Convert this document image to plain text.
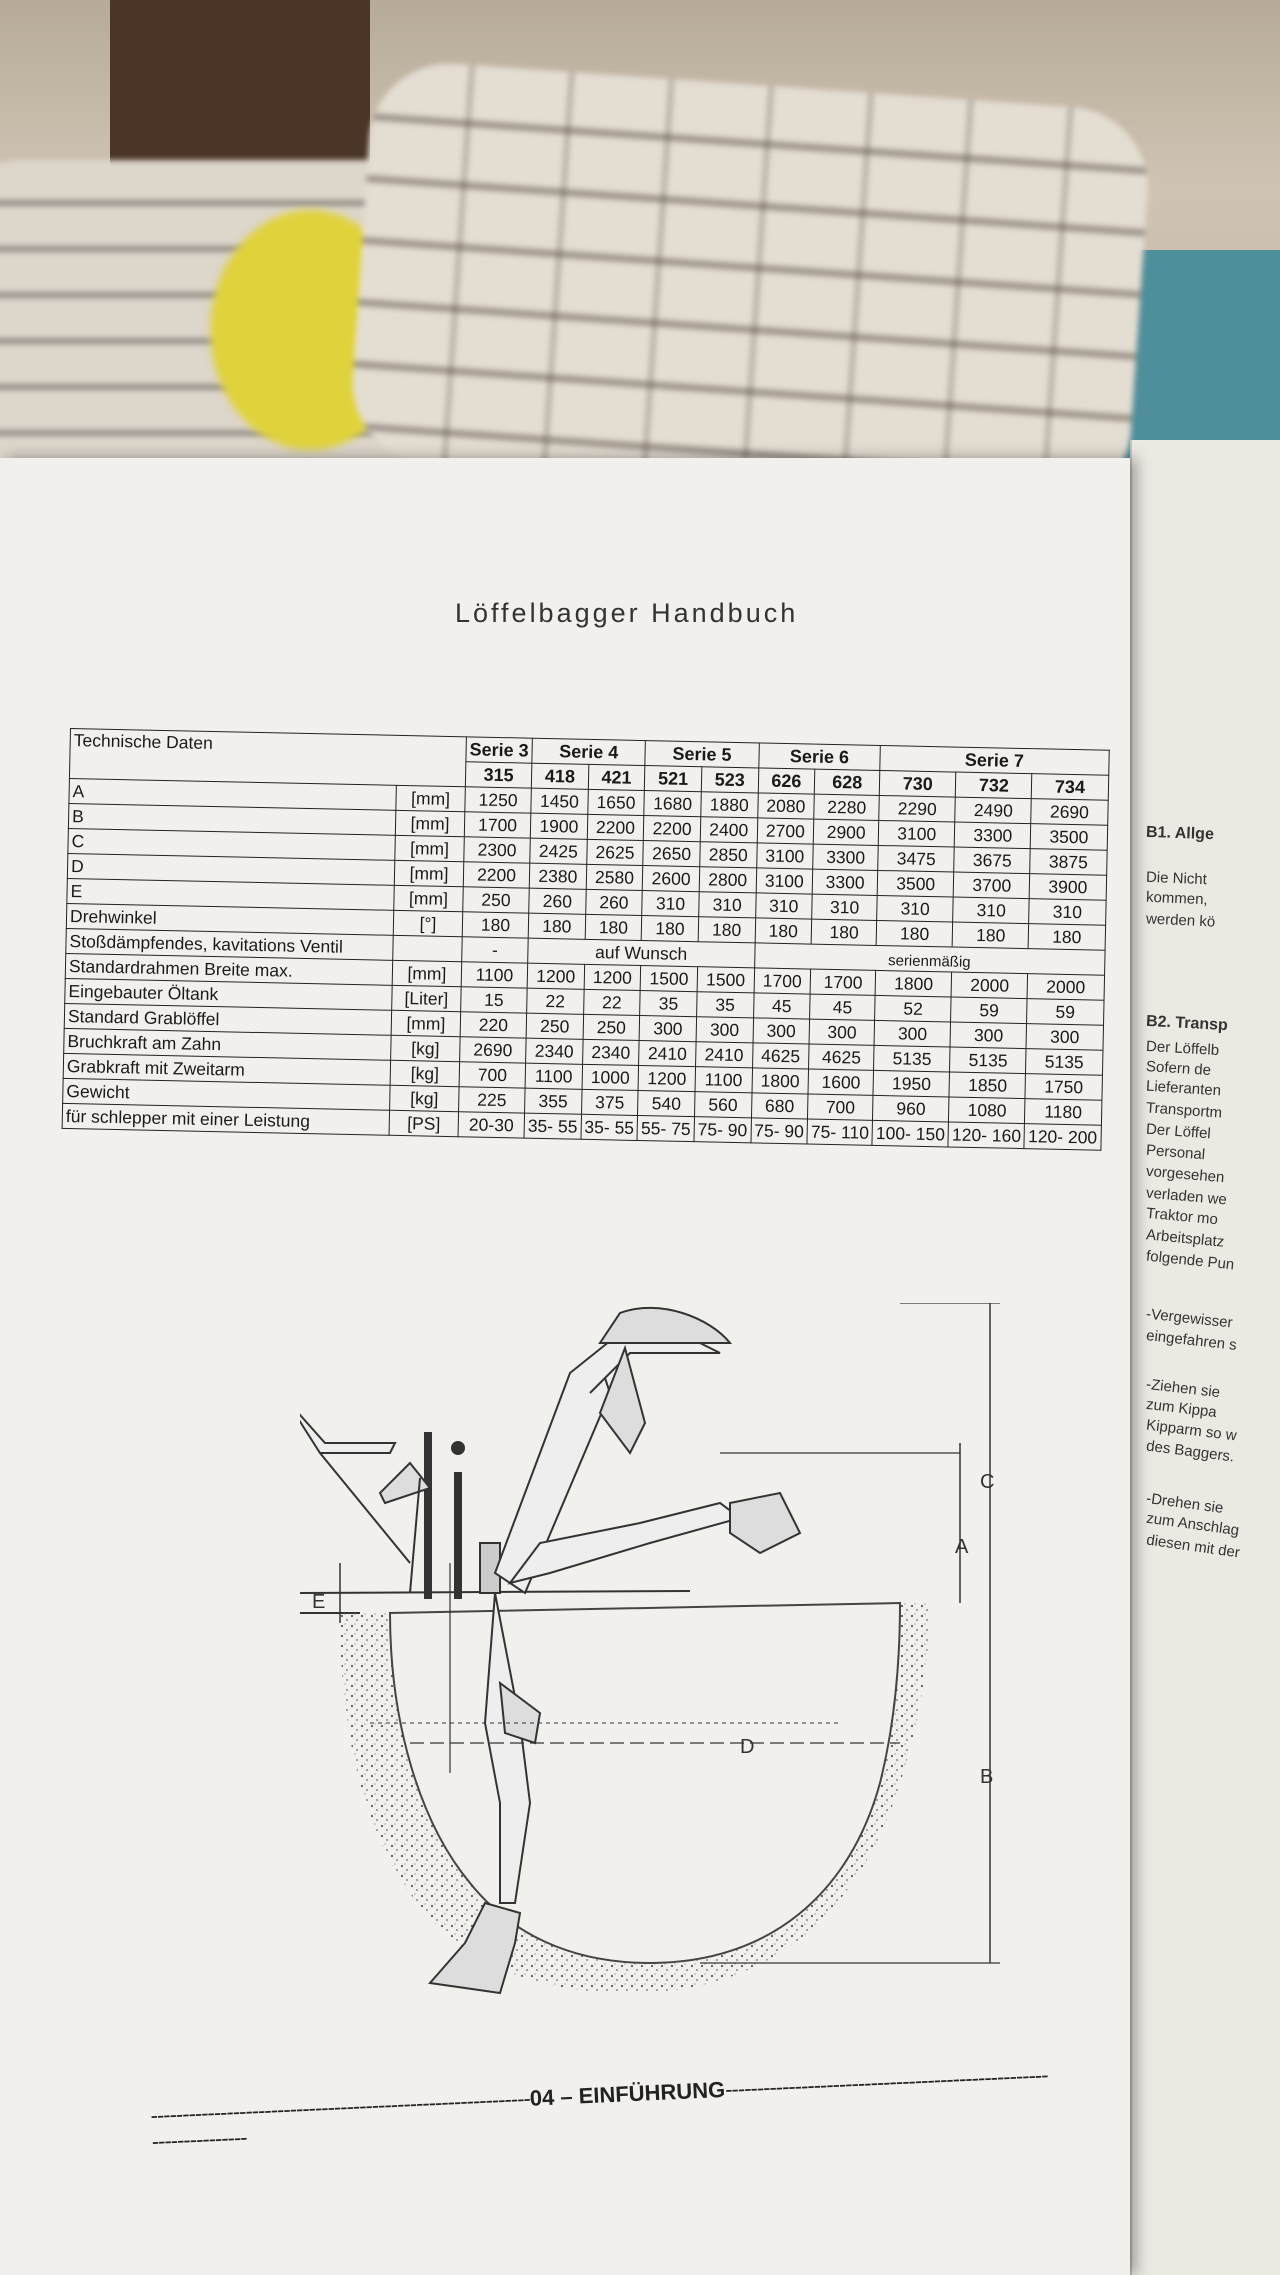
B1. Allge
Die Nicht
kommen,
werden kö
B2. Transp
Der Löffelb
Sofern de
Lieferanten
Transportm
Der Löffel
Personal
vorgesehen
verladen we
Traktor mo
Arbeitsplatz
folgende Pun
-Vergewisser
eingefahren s
-Ziehen sie
zum Kippa
Kipparm so w
des Baggers.
-Drehen sie
zum Anschlag
diesen mit der
Löffelbagger Handbuch
Technische Daten		Serie 3	Serie 4		Serie 5		Serie 6		Serie 7		
		315	418	421	521	523	626	628	730	732	734
A	[mm]	1250	1450	1650	1680	1880	2080	2280	2290	2490	2690
B	[mm]	1700	1900	2200	2200	2400	2700	2900	3100	3300	3500
C	[mm]	2300	2425	2625	2650	2850	3100	3300	3475	3675	3875
D	[mm]	2200	2380	2580	2600	2800	3100	3300	3500	3700	3900
E	[mm]	250	260	260	310	310	310	310	310	310	310
Drehwinkel	[°]	180	180	180	180	180	180	180	180	180	180
Stoßdämpfendes, kavitations Ventil		-	auf Wunsch				serienmäßig				
Standardrahmen Breite max.	[mm]	1100	1200	1200	1500	1500	1700	1700	1800	2000	2000
Eingebauter Öltank	[Liter]	15	22	22	35	35	45	45	52	59	59
Standard Grablöffel	[mm]	220	250	250	300	300	300	300	300	300	300
Bruchkraft am Zahn	[kg]	2690	2340	2340	2410	2410	4625	4625	5135	5135	5135
Grabkraft mit Zweitarm	[kg]	700	1100	1000	1200	1100	1800	1600	1950	1850	1750
Gewicht	[kg]	225	355	375	540	560	680	700	960	1080	1180
für schlepper mit einer Leistung	[PS]	20-30	35- 55	35- 55	55- 75	75- 90	75- 90	75- 110	100- 150	120- 160	120- 200
C
A
B
D
E
------------------------------------------------------------04 – EINFÜHRUNG------------------------------------------------------------------
